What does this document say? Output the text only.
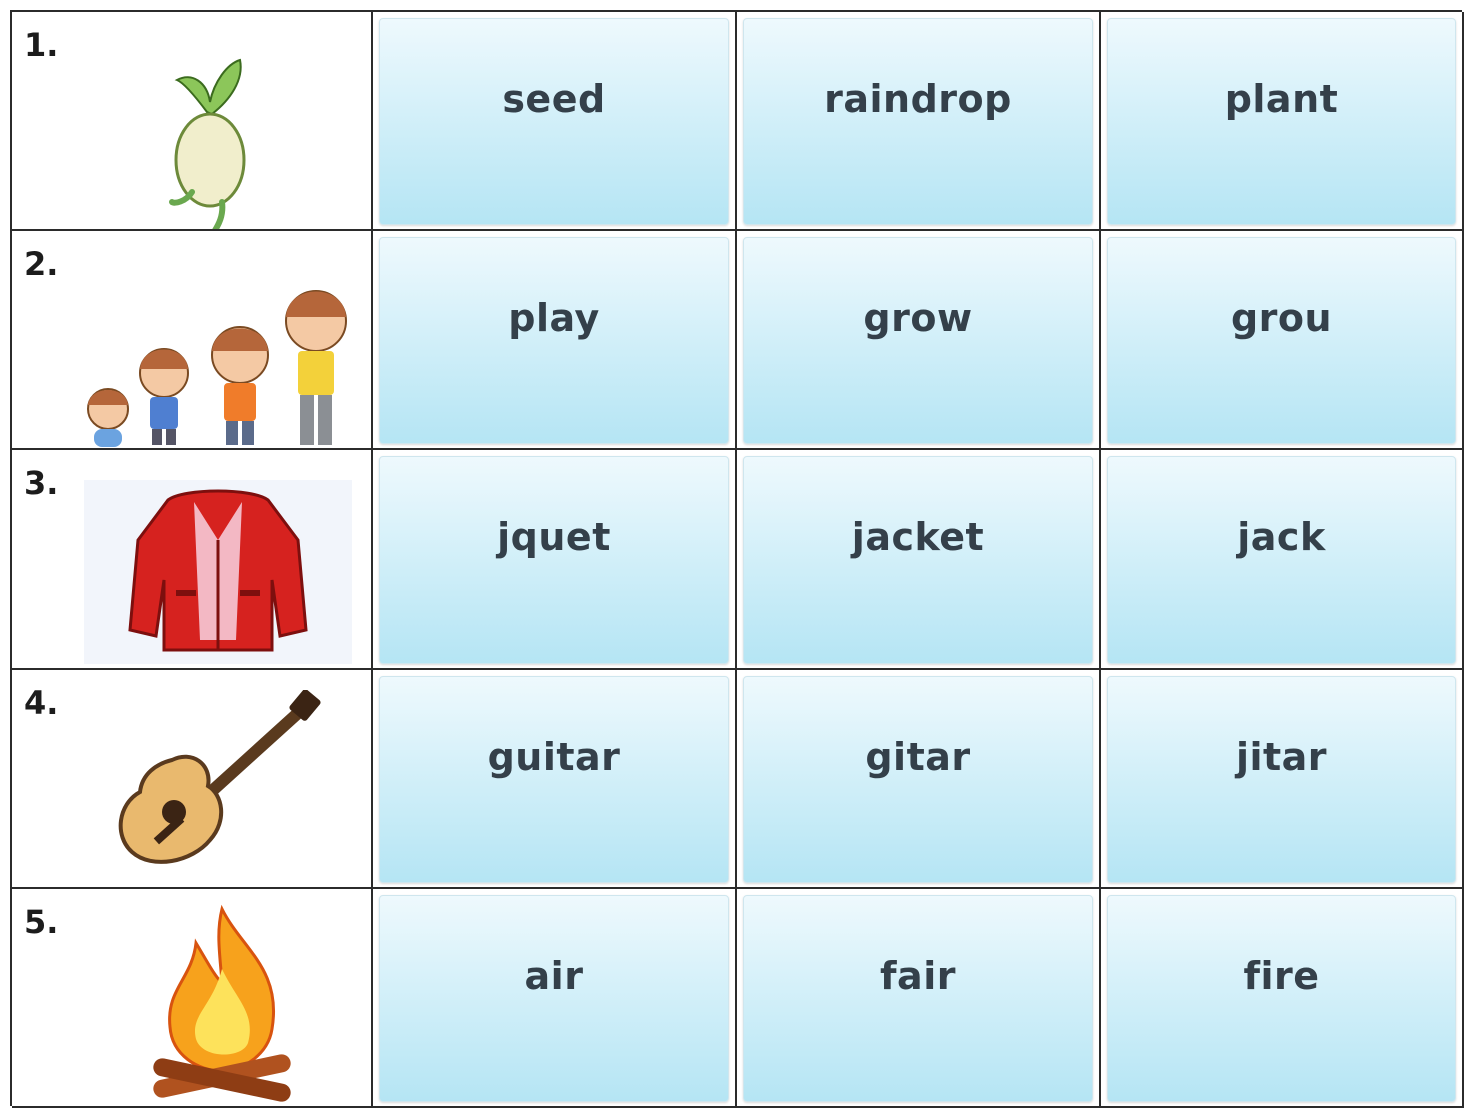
1.
seed	raindrop	plant
2.
play	grow	grou
3.
jquet	jacket	jack
4.
guitar	gitar	jitar
5.
air	fair	fire
